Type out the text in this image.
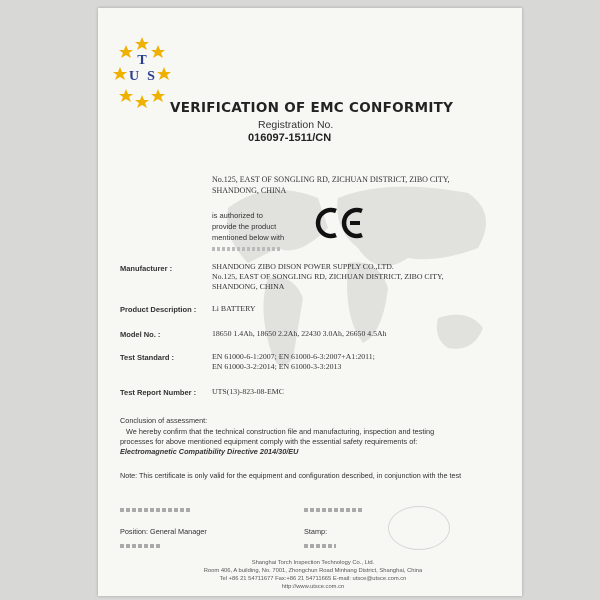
T
U S
VERIFICATION OF EMC CONFORMITY
Registration No.
016097-1511/CN
No.125, EAST OF SONGLING RD, ZICHUAN DISTRICT, ZIBO CITY,
SHANDONG, CHINA
is authorized to
provide the product
mentioned below with
Manufacturer :	SHANDONG ZIBO DISON POWER SUPPLY CO.,LTD.
No.125, EAST OF SONGLING RD, ZICHUAN DISTRICT, ZIBO CITY,
SHANDONG, CHINA
Product Description : Li BATTERY
Model No. :	18650 1.4Ah, 18650 2.2Ah, 22430 3.0Ah, 26650 4.5Ah
Test Standard :	EN 61000-6-1:2007; EN 61000-6-3:2007+A1:2011;
EN 61000-3-2:2014; EN 61000-3-3:2013
Test Report Number : UTS(13)-823-08-EMC
Conclusion of assessment:
We hereby confirm that the technical construction file and manufacturing, inspection and testing
processes for above mentioned equipment comply with the essential safety requirements of:
Electromagnetic Compatibility Directive 2014/30/EU
Note: This certificate is only valid for the equipment and configuration described, in conjunction with the test
Position: General Manager	Stamp:
Shanghai Torch Inspection Technology Co., Ltd.
Room 406, A building, No. 7001, Zhongchun Road Minhang District, Shanghai, China
Tel +86 21 54711677 Fax:+86 21 54711665 E-mail: utsce@utsce.com.cn
http://www.utsce.com.cn
